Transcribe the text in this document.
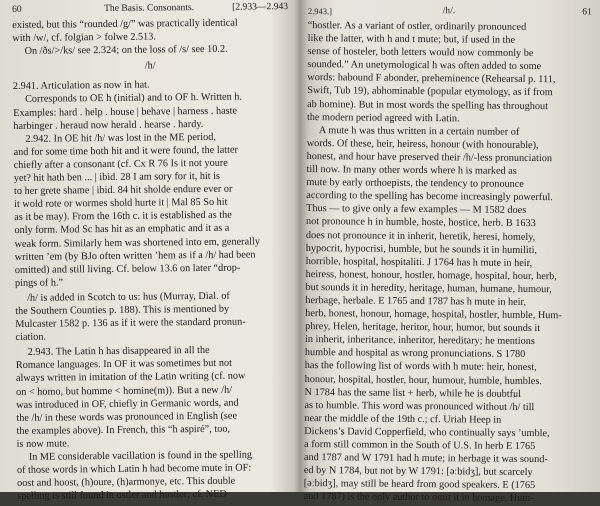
60	The Basis. Consonants.	[2.933—2.943

existed, but this “rounded /g/” was practically identical

with /w/, cf. folgian > folwe 2.513.

On /ðs/>/ks/ see 2.324; on the loss of /s/ see 10.2.

/h/

2.941. Articulation as now in hat.

Corresponds to OE h (initial) and to OF h. Written h.

Examples: hard . help . house | behave | harness . haste

harbinger . heraud now herald . hearse . hardy.

2.942. In OE hit /h/ was lost in the ME period,

and for some time both hit and it were found, the latter

chiefly after a consonant (cf. Cx R 76 Is it not youre

yet? hit hath ben ... | ibid. 28 I am sory for it, hit is

to her grete shame | ibid. 84 hit sholde endure ever or

it wold rote or wormes shold hurte it | Mal 85 So hit

as it be may). From the 16th c. it is established as the

only form. Mod Sc has hit as an emphatic and it as a

weak form. Similarly hem was shortened into em, generally

written ’em (by BJo often written ’hem as if a /h/ had been

omitted) and still living. Cf. below 13.6 on later “drop-

pings of h.”

/h/ is added in Scotch to us: hus (Murray, Dial. of

the Southern Counties p. 188). This is mentioned by

Mulcaster 1582 p. 136 as if it were the standard pronun-

ciation.

2.943. The Latin h has disappeared in all the

Romance languages. In OF it was sometimes but not

always written in imitation of the Latin writing (cf. now

on < homo, but homme < homine(m)). But a new /h/

was introduced in OF, chiefly in Germanic words, and

the /h/ in these words was pronounced in English (see

the examples above). In French, this “h aspiré”, too,

is now mute.

In ME considerable vacillation is found in the spelling

of those words in which Latin h had become mute in OF:

oost and hoost, (h)oure, (h)armonye, etc. This double

spelling is still found in ostler and hostler; cf. NED

2.943.]	/h/.	61

“hostler. As a variant of ostler, ordinarily pronounced

like the latter, with h and t mute; but, if used in the

sense of hosteler, both letters would now commonly be

sounded.” An unetymological h was often added to some

words: habound F abonder, preheminence (Rehearsal p. 111,

Swift, Tub 19), abhominable (popular etymology, as if from

ab homine). But in most words the spelling has throughout

the modern period agreed with Latin.

A mute h was thus written in a certain number of

words. Of these, heir, heiress, honour (with honourable),

honest, and hour have preserved their /h/-less pronunciation

till now. In many other words where h is marked as

mute by early orthoepists, the tendency to pronounce

according to the spelling has become increasingly powerful.

Thus — to give only a few examples — M 1582 does

not pronounce h in humble, hoste, hostice, herb. B 1633

does not pronounce it in inherit, heretik, heresi, homely,

hypocrit, hypocrisi, humble, but he sounds it in humiliti,

horrible, hospital, hospitaliti. J 1764 has h mute in heir,

heiress, honest, honour, hostler, homage, hospital, hour, herb,

but sounds it in heredity, heritage, human, humane, humour,

herbage, herbale. E 1765 and 1787 has h mute in heir,

herb, honest, honour, homage, hospital, hostler, humble, Hum-

phrey, Helen, heritage, heritor, hour, humor, but sounds it

in inherit, inheritance, inheritor, hereditary; he mentions

humble and hospital as wrong pronunciations. S 1780

has the following list of words with h mute: heir, honest,

honour, hospital, hostler, hour, humour, humble, humbles.

N 1784 has the same list + herb, while he is doubtful

as to humble. This word was pronounced without /h/ till

near the middle of the 19th c.; cf. Uriah Heep in

Dickens’s David Copperfield, who continually says ’umble,

a form still common in the South of U.S. In herb E 1765

and 1787 and W 1791 had h mute; in herbage it was sound-

ed by N 1784, but not by W 1791: [əːbidʒ], but scarcely

[əːbidʒ], may still be heard from good speakers. E (1765

and 1787) is the only author to omit it in homage, Hum-
